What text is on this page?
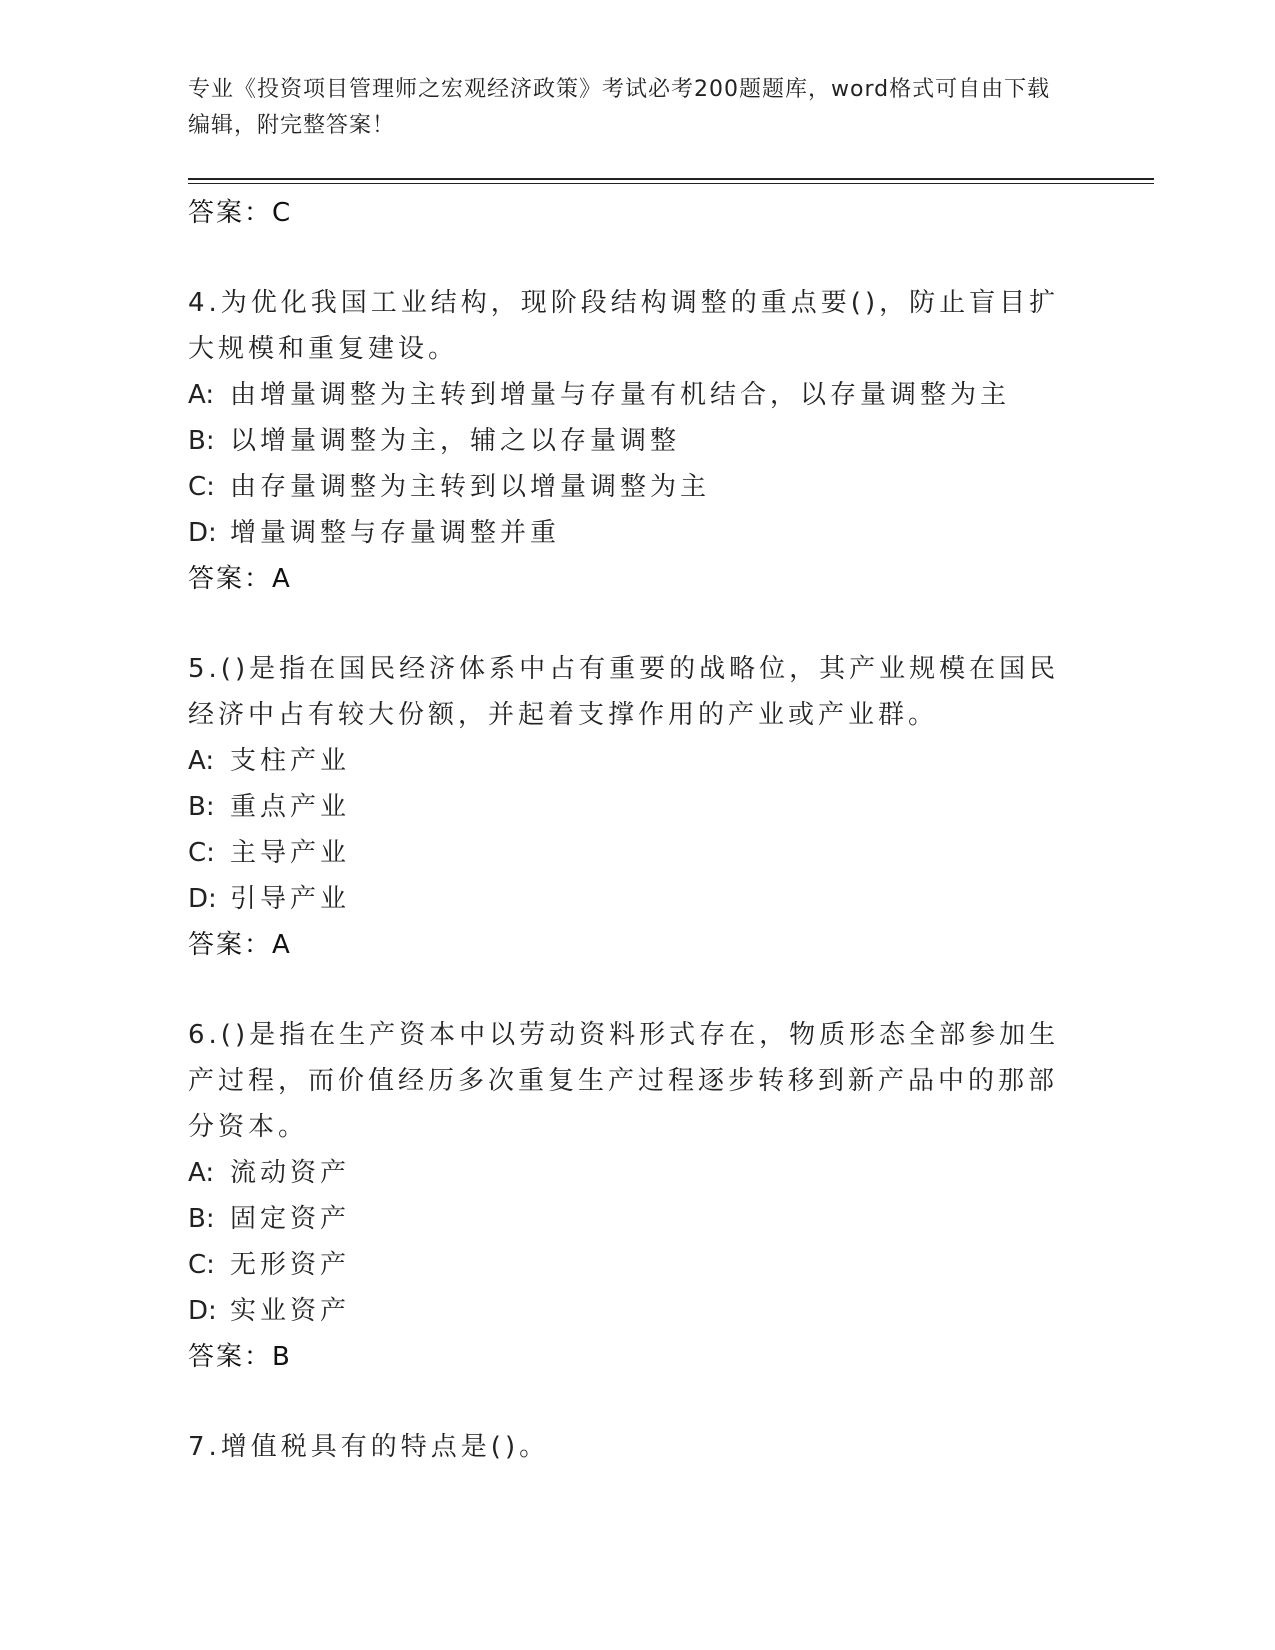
专业《投资项目管理师之宏观经济政策》考试必考200题题库，word格式可自由下载编辑，附完整答案！
答案：C
4.为优化我国工业结构，现阶段结构调整的重点要()，防止盲目扩大规模和重复建设。
A: 由增量调整为主转到增量与存量有机结合，以存量调整为主
B: 以增量调整为主，辅之以存量调整
C: 由存量调整为主转到以增量调整为主
D: 增量调整与存量调整并重
答案：A
5.()是指在国民经济体系中占有重要的战略位，其产业规模在国民经济中占有较大份额，并起着支撑作用的产业或产业群。
A: 支柱产业
B: 重点产业
C: 主导产业
D: 引导产业
答案：A
6.()是指在生产资本中以劳动资料形式存在，物质形态全部参加生产过程，而价值经历多次重复生产过程逐步转移到新产品中的那部分资本。
A: 流动资产
B: 固定资产
C: 无形资产
D: 实业资产
答案：B
7.增值税具有的特点是()。
